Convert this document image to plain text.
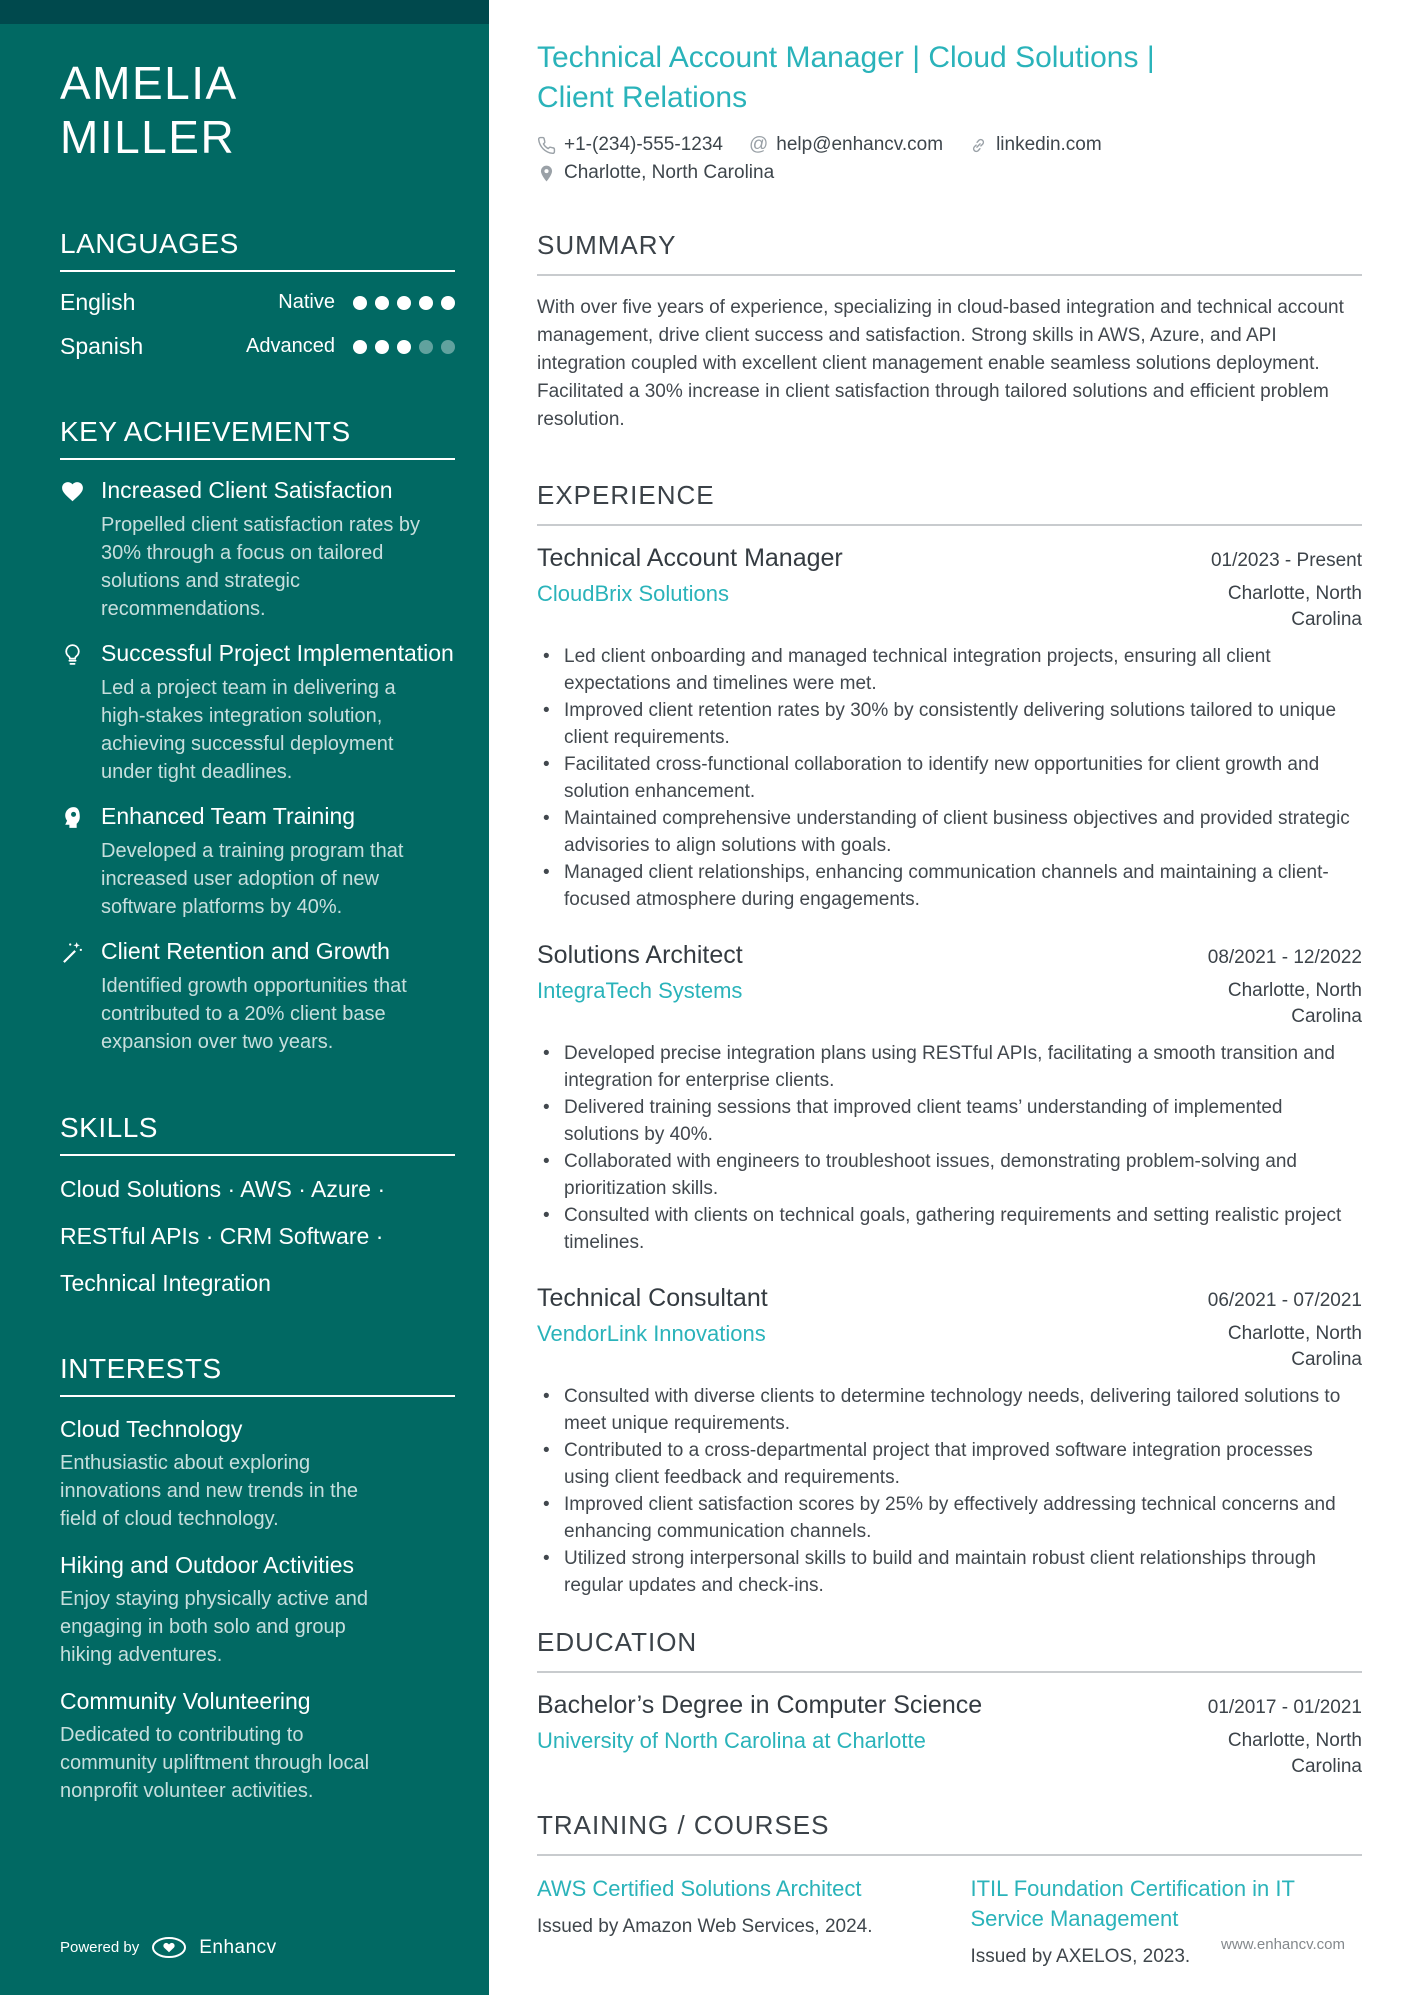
AMELIA
MILLER
LANGUAGES
English	Native
Spanish	Advanced
KEY ACHIEVEMENTS
Increased Client Satisfaction
Propelled client satisfaction rates by 30% through a focus on tailored solutions and strategic recommendations.
Successful Project Implementation
Led a project team in delivering a high-stakes integration solution, achieving successful deployment under tight deadlines.
Enhanced Team Training
Developed a training program that increased user adoption of new software platforms by 40%.
Client Retention and Growth
Identified growth opportunities that contributed to a 20% client base expansion over two years.
SKILLS
Cloud Solutions · AWS · Azure ·
RESTful APIs · CRM Software ·
Technical Integration
INTERESTS
Cloud Technology
Enthusiastic about exploring innovations and new trends in the field of cloud technology.
Hiking and Outdoor Activities
Enjoy staying physically active and engaging in both solo and group hiking adventures.
Community Volunteering
Dedicated to contributing to community upliftment through local nonprofit volunteer activities.
Powered by	Enhancv
Technical Account Manager | Cloud Solutions | Client Relations
+1-(234)-555-1234 @ help@enhancv.com	linkedin.com
Charlotte, North Carolina
SUMMARY

With over five years of experience, specializing in cloud-based integration and technical account management, drive client success and satisfaction. Strong skills in AWS, Azure, and API integration coupled with excellent client management enable seamless solutions deployment. Facilitated a 30% increase in client satisfaction through tailored solutions and efficient problem resolution.

EXPERIENCE
Technical Account Manager	01/2023 - Present
CloudBrix Solutions	Charlotte, North Carolina
• Led client onboarding and managed technical integration projects, ensuring all client expectations and timelines were met.
• Improved client retention rates by 30% by consistently delivering solutions tailored to unique client requirements.
• Facilitated cross-functional collaboration to identify new opportunities for client growth and solution enhancement.
• Maintained comprehensive understanding of client business objectives and provided strategic advisories to align solutions with goals.
• Managed client relationships, enhancing communication channels and maintaining a client-focused atmosphere during engagements.
Solutions Architect	08/2021 - 12/2022
IntegraTech Systems	Charlotte, North Carolina
• Developed precise integration plans using RESTful APIs, facilitating a smooth transition and integration for enterprise clients.
• Delivered training sessions that improved client teams’ understanding of implemented solutions by 40%.
• Collaborated with engineers to troubleshoot issues, demonstrating problem-solving and prioritization skills.
• Consulted with clients on technical goals, gathering requirements and setting realistic project timelines.
Technical Consultant	06/2021 - 07/2021
VendorLink Innovations	Charlotte, North Carolina
• Consulted with diverse clients to determine technology needs, delivering tailored solutions to meet unique requirements.
• Contributed to a cross-departmental project that improved software integration processes using client feedback and requirements.
• Improved client satisfaction scores by 25% by effectively addressing technical concerns and enhancing communication channels.
• Utilized strong interpersonal skills to build and maintain robust client relationships through regular updates and check-ins.
EDUCATION
Bachelor’s Degree in Computer Science	01/2017 - 01/2021
University of North Carolina at Charlotte	Charlotte, North Carolina
TRAINING / COURSES
AWS Certified Solutions Architect
Issued by Amazon Web Services, 2024.
ITIL Foundation Certification in IT Service Management
Issued by AXELOS, 2023.
www.enhancv.com
